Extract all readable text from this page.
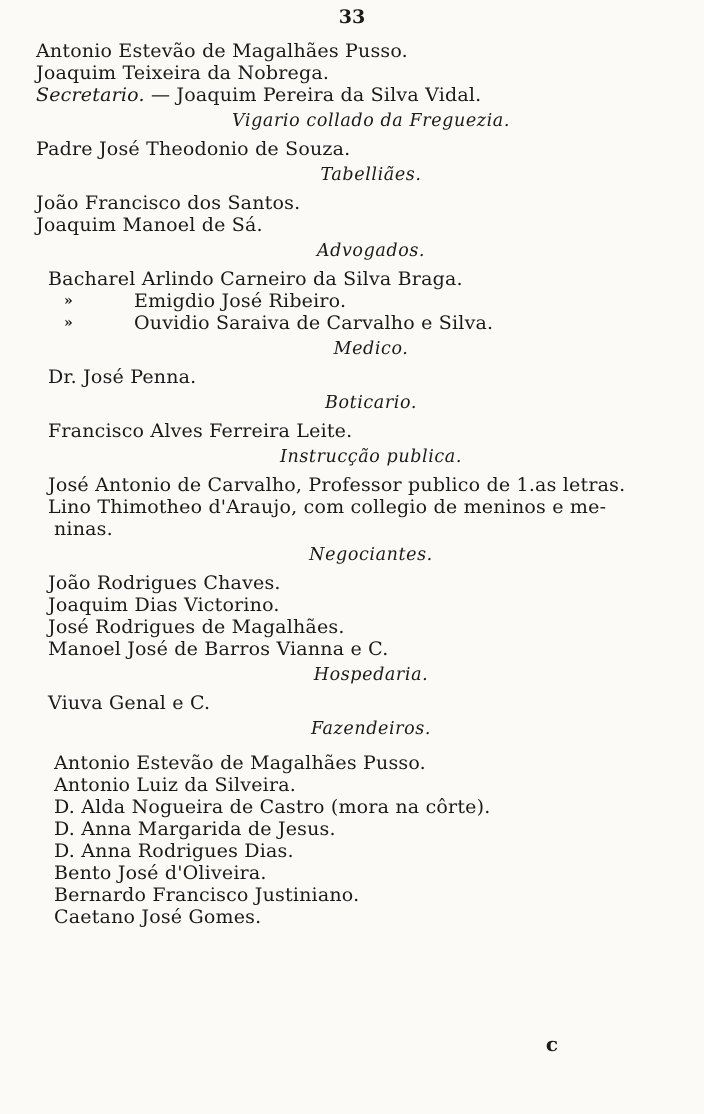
33
Antonio Estevão de Magalhães Pusso.
Joaquim Teixeira da Nobrega.
Secretario. — Joaquim Pereira da Silva Vidal.
Vigario collado da Freguezia.
Padre José Theodonio de Souza.
Tabelliães.
João Francisco dos Santos.
Joaquim Manoel de Sá.
Advogados.
Bacharel Arlindo Carneiro da Silva Braga.
»	Emigdio José Ribeiro.
»	Ouvidio Saraiva de Carvalho e Silva.
Medico.
Dr. José Penna.
Boticario.
Francisco Alves Ferreira Leite.
Instrucção publica.
José Antonio de Carvalho, Professor publico de 1.as letras.
Lino Thimotheo d'Araujo, com collegio de meninos e me-
ninas.
Negociantes.
João Rodrigues Chaves.
Joaquim Dias Victorino.
José Rodrigues de Magalhães.
Manoel José de Barros Vianna e C.
Hospedaria.
Viuva Genal e C.
Fazendeiros.
Antonio Estevão de Magalhães Pusso.
Antonio Luiz da Silveira.
D. Alda Nogueira de Castro (mora na côrte).
D. Anna Margarida de Jesus.
D. Anna Rodrigues Dias.
Bento José d'Oliveira.
Bernardo Francisco Justiniano.
Caetano José Gomes.
c
